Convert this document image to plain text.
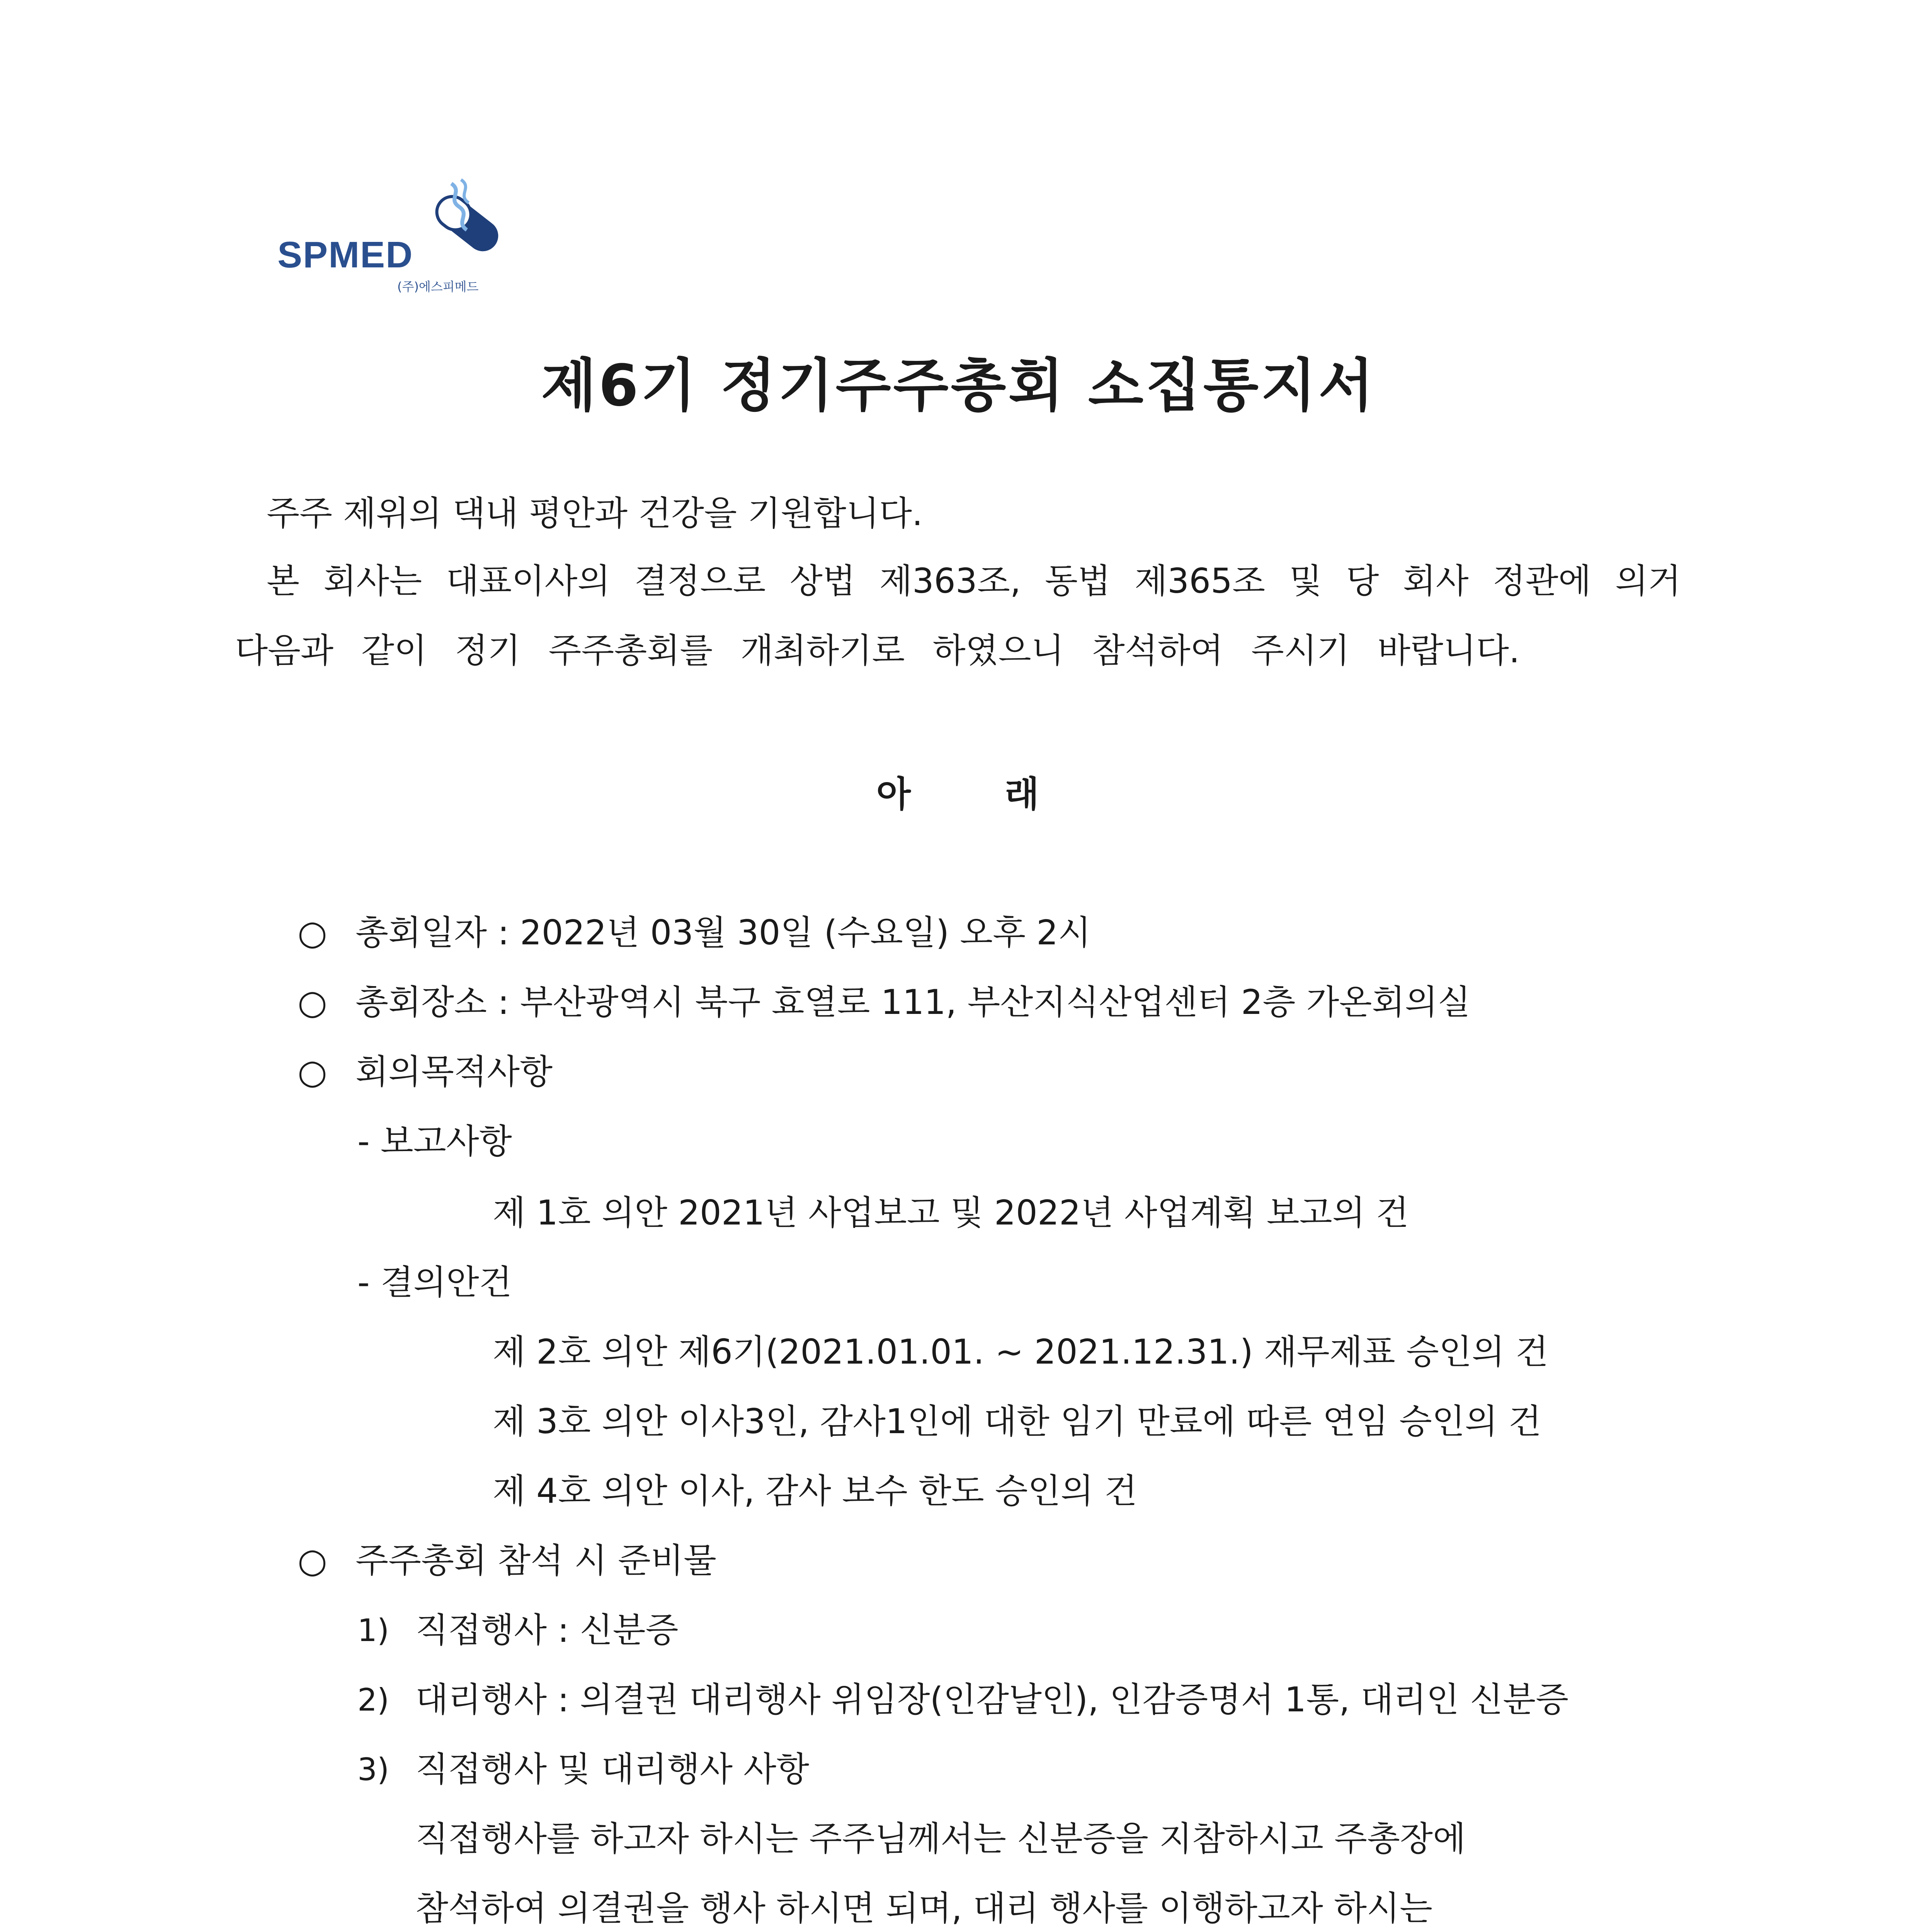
SPMED
(주)에스피메드
제6기 정기주주총회 소집통지서
주주 제위의 댁내 평안과 건강을 기원합니다.
본 회사는 대표이사의 결정으로 상법 제363조, 동법 제365조 및 당 회사 정관에 의거
다음과 같이 정기 주주총회를 개최하기로 하였으니 참석하여 주시기 바랍니다.
아	래
○ 총회일자 : 2022년 03월 30일 (수요일) 오후 2시
○ 총회장소 : 부산광역시 북구 효열로 111, 부산지식산업센터 2층 가온회의실
○ 회의목적사항
- 보고사항
제 1호 의안 2021년 사업보고 및 2022년 사업계획 보고의 건
- 결의안건
제 2호 의안 제6기(2021.01.01. ~ 2021.12.31.) 재무제표 승인의 건
제 3호 의안 이사3인, 감사1인에 대한 임기 만료에 따른 연임 승인의 건
제 4호 의안 이사, 감사 보수 한도 승인의 건
○ 주주총회 참석 시 준비물
1) 직접행사 : 신분증
2) 대리행사 : 의결권 대리행사 위임장(인감날인), 인감증명서 1통, 대리인 신분증
3) 직접행사 및 대리행사 사항
직접행사를 하고자 하시는 주주님께서는 신분증을 지참하시고 주총장에
참석하여 의결권을 행사 하시면 되며, 대리 행사를 이행하고자 하시는
